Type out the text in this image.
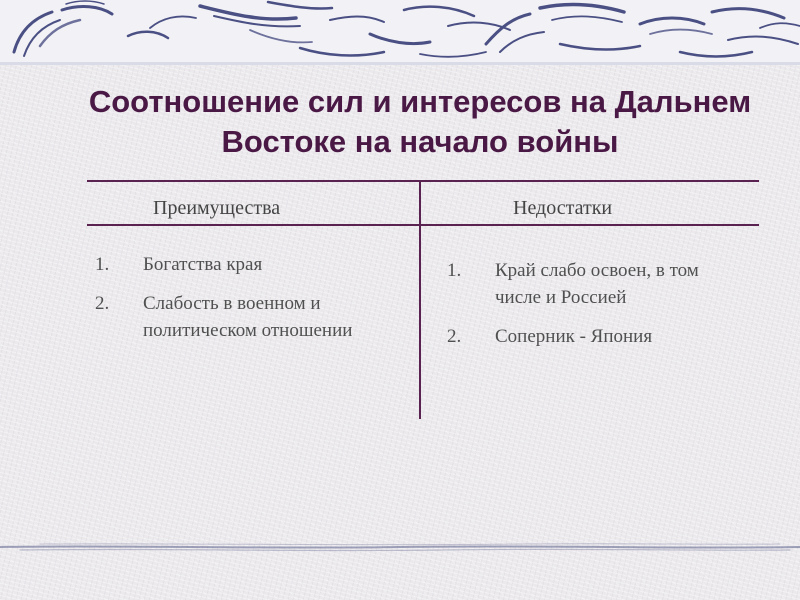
Соотношение сил и интересов на Дальнем Востоке на начало войны
Преимущества	Недостатки
1. Богатства края
2. Слабость в военном и политическом отношении
1. Край слабо освоен, в том числе и Россией
2. Соперник - Япония
